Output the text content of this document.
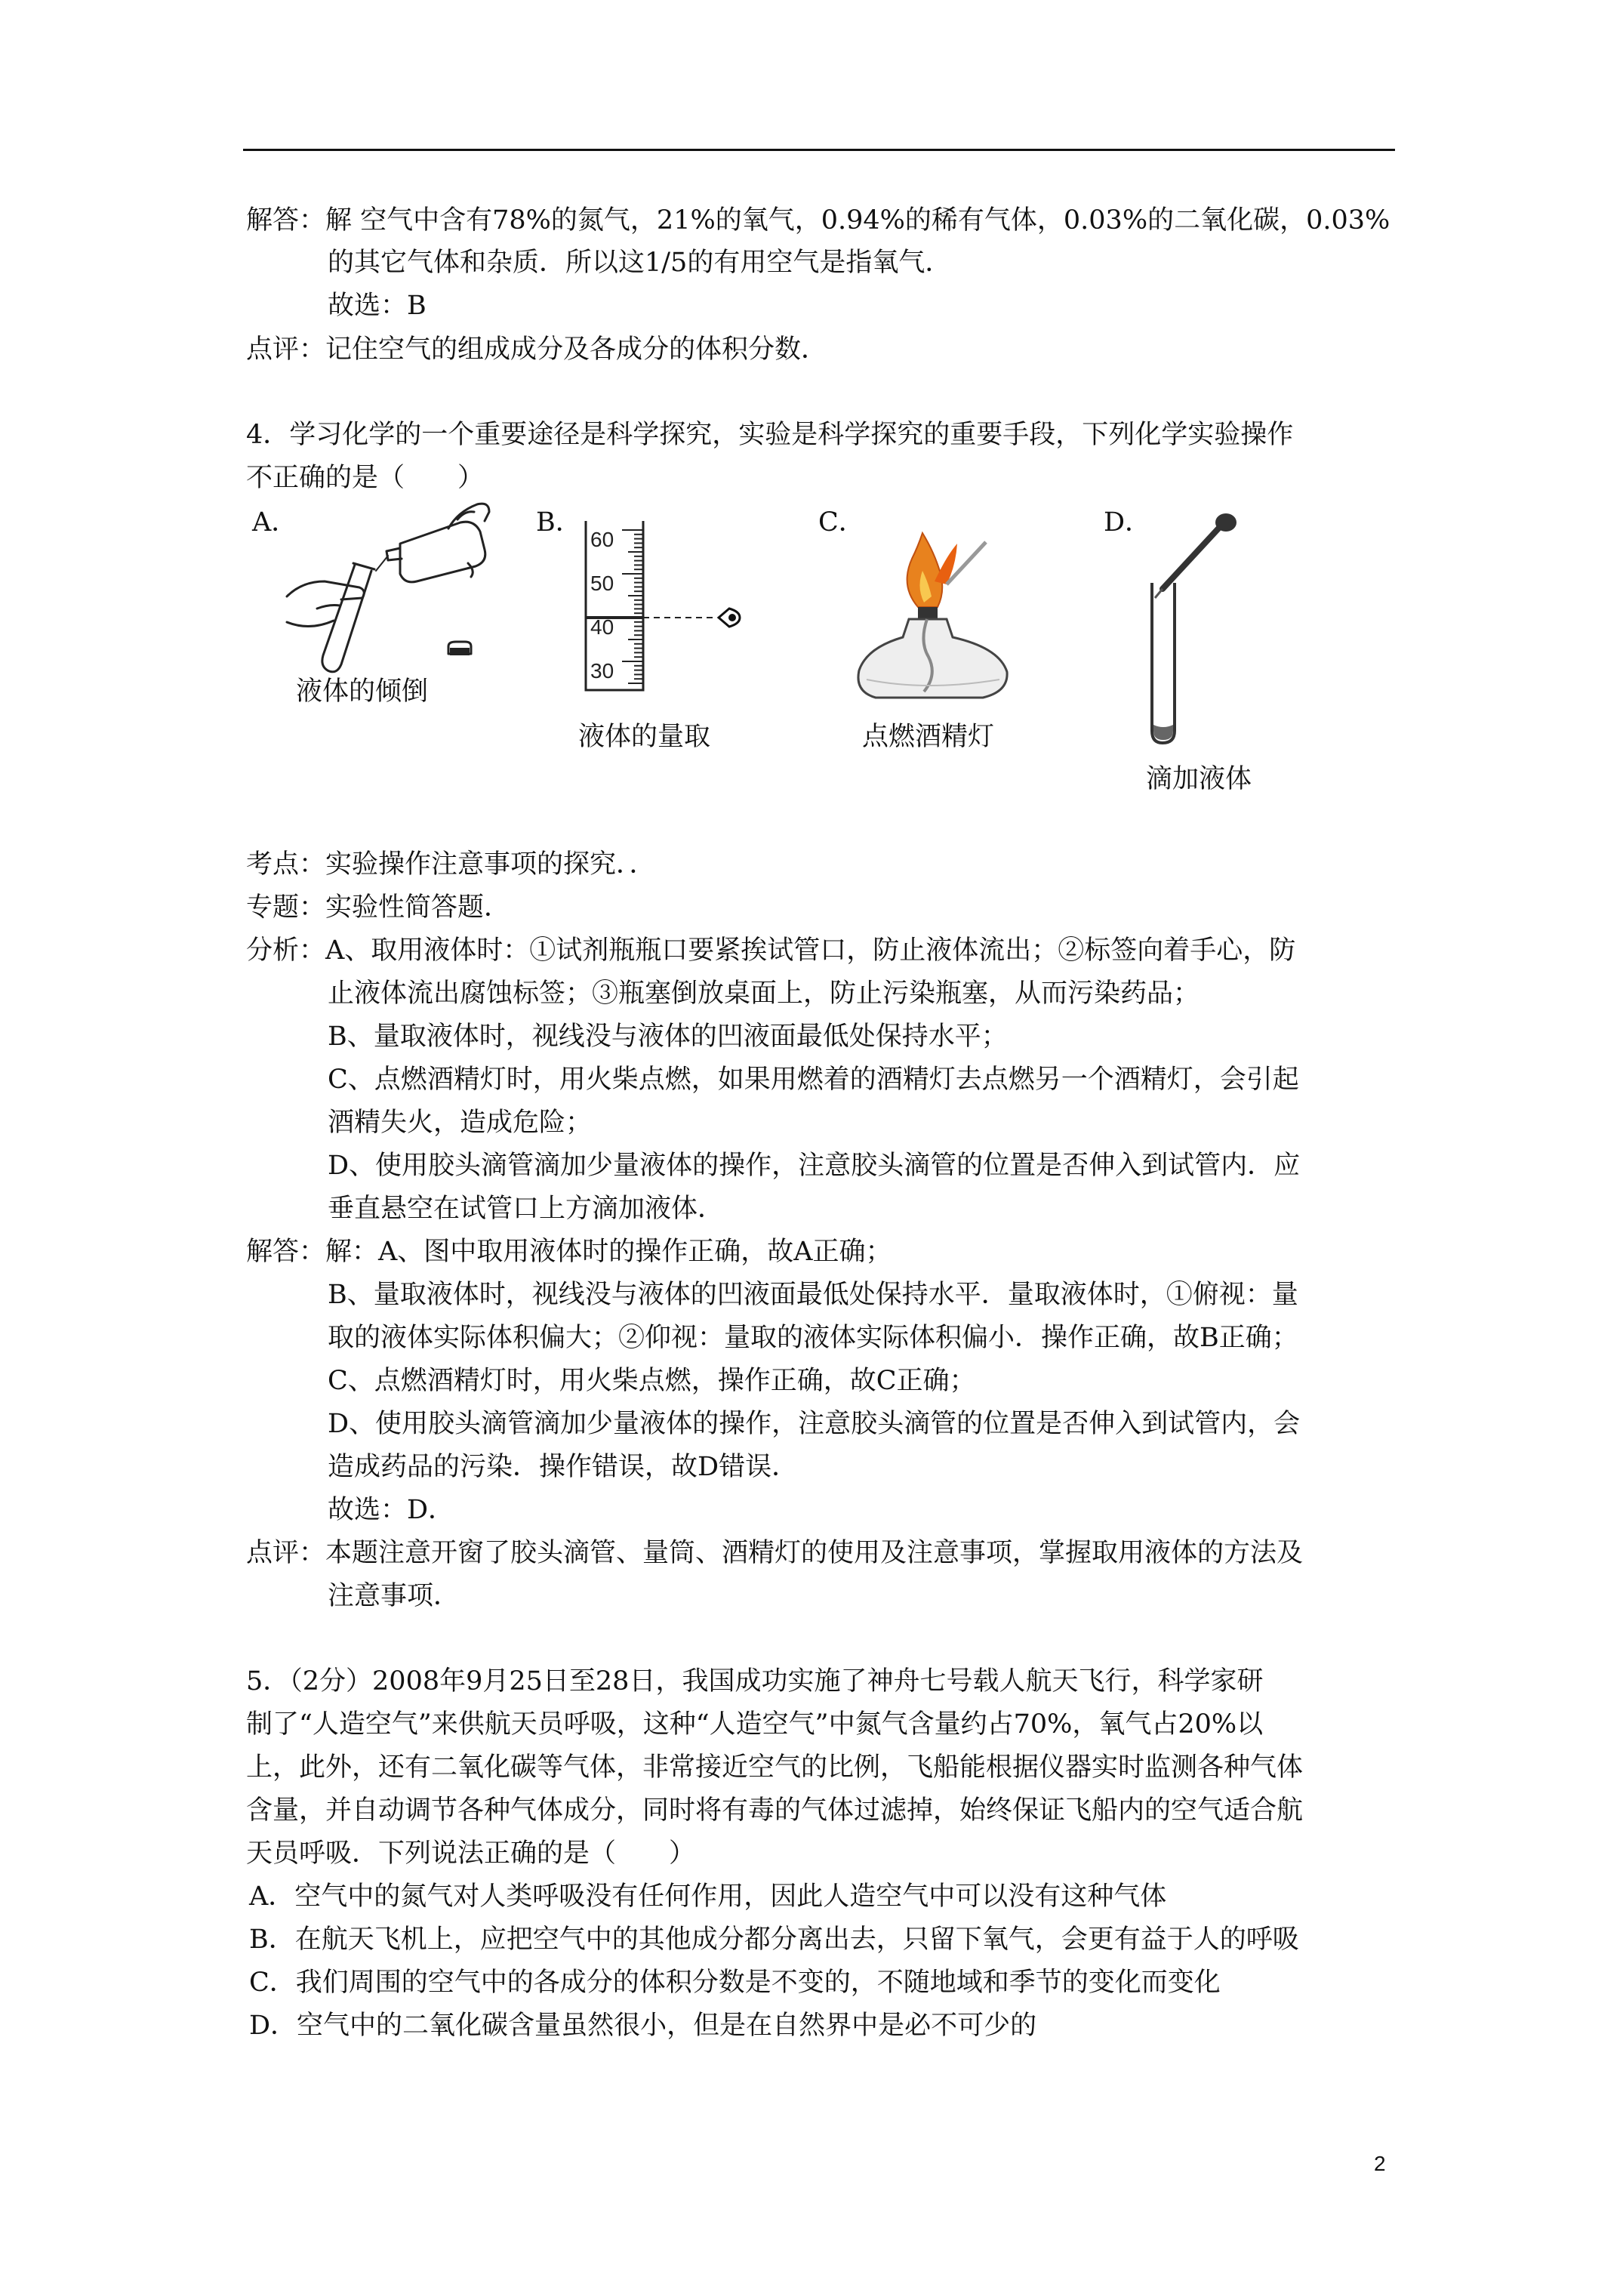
解答：解 空气中含有78%的氮气，21%的氧气，0.94%的稀有气体，0.03%的二氧化碳，0.03%
的其它气体和杂质．所以这1/5的有用空气是指氧气．
故选：B
点评：记住空气的组成成分及各成分的体积分数．
4．学习化学的一个重要途径是科学探究，实验是科学探究的重要手段，下列化学实验操作
不正确的是（　　）
A．	B．	C．	D．
液体的倾倒
60
50
40
30
液体的量取	点燃酒精灯
滴加液体
考点：实验操作注意事项的探究．．
专题：实验性简答题．
分析：A、取用液体时：①试剂瓶瓶口要紧挨试管口，防止液体流出；②标签向着手心，防
止液体流出腐蚀标签；③瓶塞倒放桌面上，防止污染瓶塞，从而污染药品；
B、量取液体时，视线没与液体的凹液面最低处保持水平；
C、点燃酒精灯时，用火柴点燃，如果用燃着的酒精灯去点燃另一个酒精灯，会引起
酒精失火，造成危险；
D、使用胶头滴管滴加少量液体的操作，注意胶头滴管的位置是否伸入到试管内．应
垂直悬空在试管口上方滴加液体．
解答：解：A、图中取用液体时的操作正确，故A正确；
B、量取液体时，视线没与液体的凹液面最低处保持水平．量取液体时，①俯视：量
取的液体实际体积偏大；②仰视：量取的液体实际体积偏小．操作正确，故B正确；
C、点燃酒精灯时，用火柴点燃，操作正确，故C正确；
D、使用胶头滴管滴加少量液体的操作，注意胶头滴管的位置是否伸入到试管内，会
造成药品的污染．操作错误，故D错误．
故选：D．
点评：本题注意开窗了胶头滴管、量筒、酒精灯的使用及注意事项，掌握取用液体的方法及
注意事项．
5．（2分）2008年9月25日至28日，我国成功实施了神舟七号载人航天飞行，科学家研
制了“人造空气”来供航天员呼吸，这种“人造空气”中氮气含量约占70%，氧气占20%以
上，此外，还有二氧化碳等气体，非常接近空气的比例，飞船能根据仪器实时监测各种气体
含量，并自动调节各种气体成分，同时将有毒的气体过滤掉，始终保证飞船内的空气适合航
天员呼吸．下列说法正确的是（　　）
A．空气中的氮气对人类呼吸没有任何作用，因此人造空气中可以没有这种气体
B．在航天飞机上，应把空气中的其他成分都分离出去，只留下氧气，会更有益于人的呼吸
C．我们周围的空气中的各成分的体积分数是不变的，不随地域和季节的变化而变化
D．空气中的二氧化碳含量虽然很小，但是在自然界中是必不可少的
2
